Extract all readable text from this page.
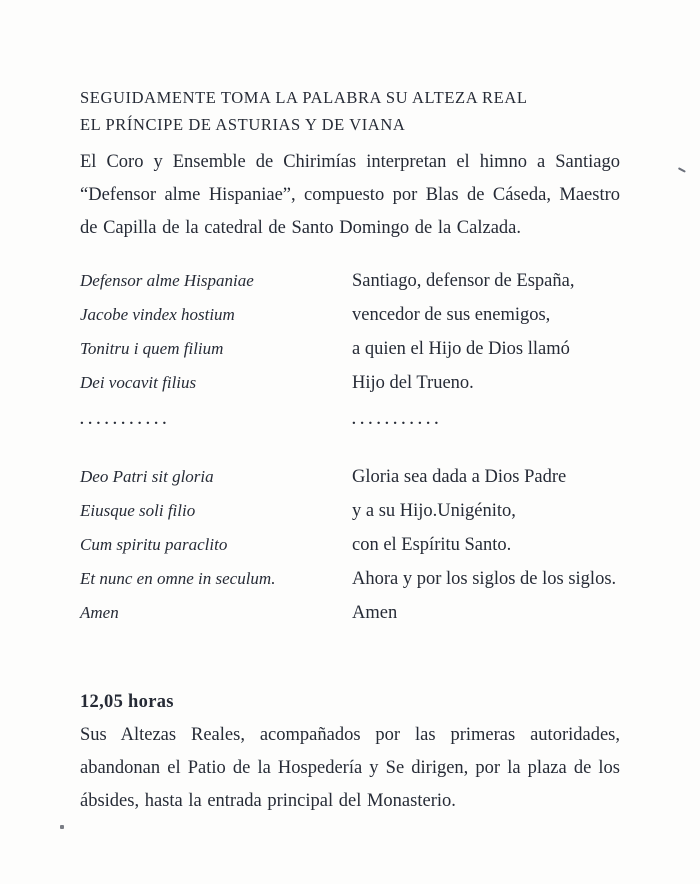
SEGUIDAMENTE TOMA LA PALABRA SU ALTEZA REAL
EL PRÍNCIPE DE ASTURIAS Y DE VIANA

El Coro y Ensemble de Chirimías interpretan el himno a Santiago “Defensor alme Hispaniae”, compuesto por Blas de Cáseda, Maestro de Capilla de la catedral de Santo Domingo de la Calzada.

Defensor alme Hispaniae
Jacobe vindex hostium
Tonitru i quem filium
Dei vocavit filius
Santiago, defensor de España,
vencedor de sus enemigos,
a quien el Hijo de Dios llamó
Hijo del Trueno.
...........	...........
Deo Patri sit gloria
Eiusque soli filio
Cum spiritu paraclito
Et nunc en omne in seculum.
Gloria sea dada a Dios Padre
y a su Hijo.Unigénito,
con el Espíritu Santo.
Ahora y por los siglos de los siglos.
Amen	Amen
12,05 horas

Sus Altezas Reales, acompañados por las primeras autoridades, abandonan el Patio de la Hospedería y Se dirigen, por la plaza de los ábsides, hasta la entrada principal del Monasterio.
